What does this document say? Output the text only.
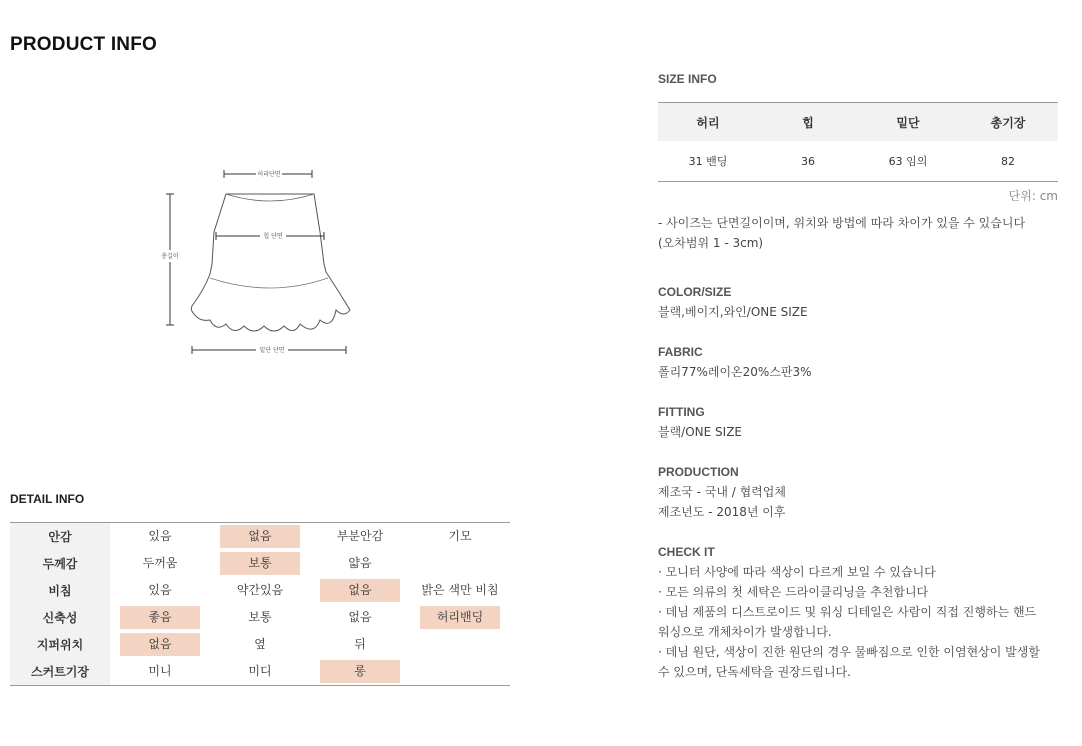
PRODUCT INFO
허리단면
힙 단면
총길이
밑단 단면
DETAIL INFO
안감	있음	없음	부분안감	기모
두께감	두꺼움	보통	얇음	
비침	있음	약간있음	없음	밝은 색만 비침
신축성	좋음	보통	없음	허리밴딩
지퍼위치	없음	옆	뒤	
스커트기장	미니	미디	롱	
SIZE INFO
허리	힙	밑단	총기장
31 밴딩	36	63 임의	82
단위: cm
- 사이즈는 단면길이이며, 위치와 방법에 따라 차이가 있을 수 있습니다
(오차범위 1 - 3cm)
COLOR/SIZE
블랙,베이지,와인/ONE SIZE
FABRIC
폴리77%레이온20%스판3%
FITTING
블랙/ONE SIZE
PRODUCTION
제조국 - 국내 / 협력업체
제조년도 - 2018년 이후
CHECK IT
· 모니터 사양에 따라 색상이 다르게 보일 수 있습니다
· 모든 의류의 첫 세탁은 드라이클리닝을 추천합니다
· 데님 제품의 디스트로이드 및 워싱 디테일은 사람이 직접 진행하는 핸드
워싱으로 개체차이가 발생합니다.
· 데님 원단, 색상이 진한 원단의 경우 물빠짐으로 인한 이염현상이 발생할
수 있으며, 단독세탁을 권장드립니다.
